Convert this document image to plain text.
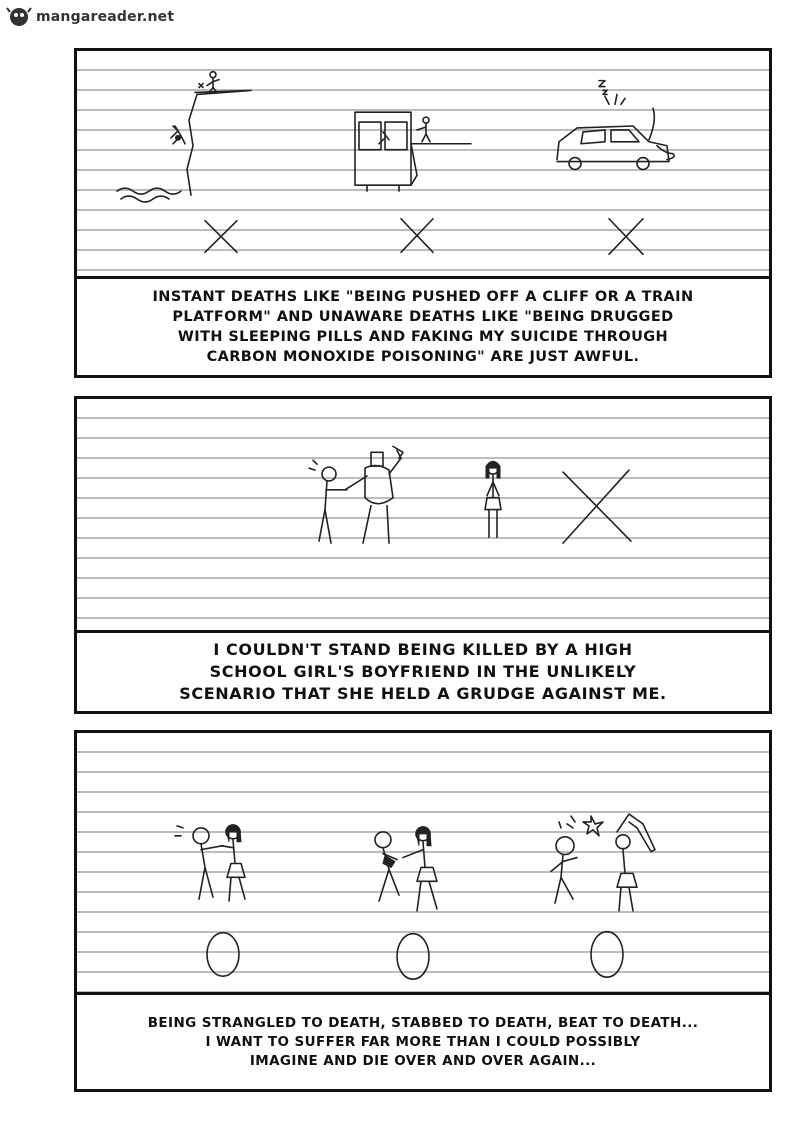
mangareader.net
INSTANT DEATHS LIKE "BEING PUSHED OFF A CLIFF OR A TRAIN
PLATFORM" AND UNAWARE DEATHS LIKE "BEING DRUGGED
WITH SLEEPING PILLS AND FAKING MY SUICIDE THROUGH
CARBON MONOXIDE POISONING" ARE JUST AWFUL.
I COULDN'T STAND BEING KILLED BY A HIGH
SCHOOL GIRL'S BOYFRIEND IN THE UNLIKELY
SCENARIO THAT SHE HELD A GRUDGE AGAINST ME.
BEING STRANGLED TO DEATH, STABBED TO DEATH, BEAT TO DEATH...
I WANT TO SUFFER FAR MORE THAN I COULD POSSIBLY
IMAGINE AND DIE OVER AND OVER AGAIN...
